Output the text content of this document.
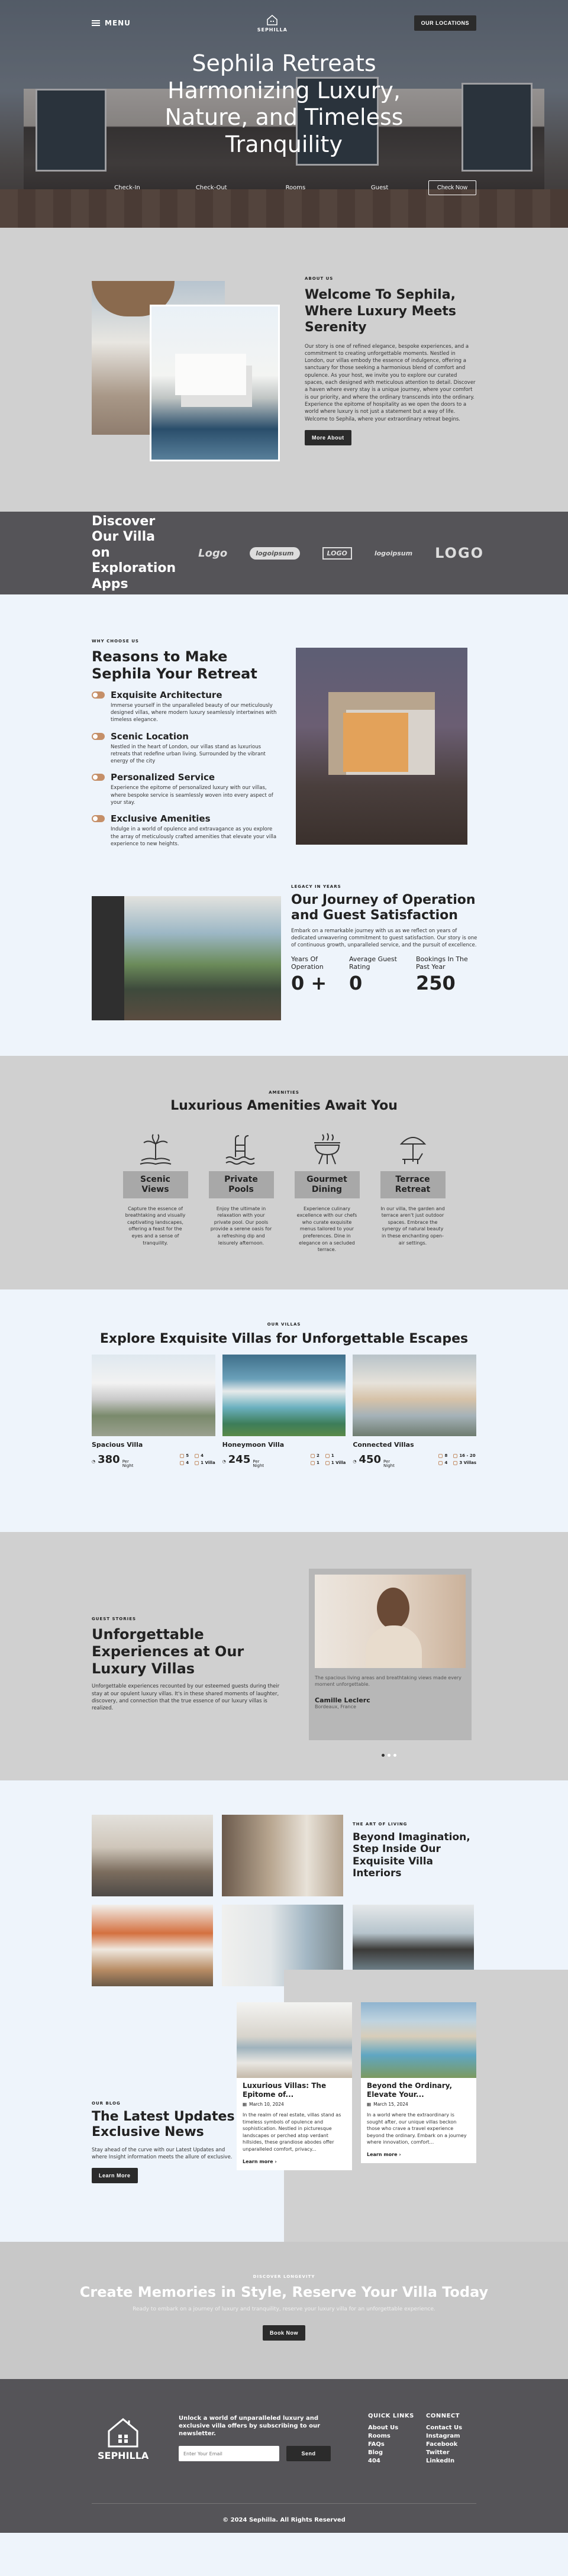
MENU
SEPHILLA
OUR LOCATIONS
Sephila Retreats Harmonizing Luxury, Nature, and Timeless Tranquility
Check-In	Check-Out	Rooms	Guest	Check Now
ABOUT US
Welcome To Sephila, Where Luxury Meets Serenity

Our story is one of refined elegance, bespoke experiences, and a commitment to creating unforgettable moments. Nestled in London, our villas embody the essence of indulgence, offering a sanctuary for those seeking a harmonious blend of comfort and opulence. As your host, we invite you to explore our curated spaces, each designed with meticulous attention to detail. Discover a haven where every stay is a unique journey, where your comfort is our priority, and where the ordinary transcends into the ordinary. Experience the epitome of hospitality as we open the doors to a world where luxury is not just a statement but a way of life. Welcome to Sephila, where your extraordinary retreat begins.

More About
Discover Our Villa on Exploration Apps
Logo	logoipsum	LOGO	logoipsum LOGO
WHY CHOOSE US
Reasons to Make Sephila Your Retreat
Exquisite Architecture

Immerse yourself in the unparalleled beauty of our meticulously designed villas, where modern luxury seamlessly intertwines with timeless elegance.

Scenic Location

Nestled in the heart of London, our villas stand as luxurious retreats that redefine urban living. Surrounded by the vibrant energy of the city

Personalized Service

Experience the epitome of personalized luxury with our villas, where bespoke service is seamlessly woven into every aspect of your stay.

Exclusive Amenities

Indulge in a world of opulence and extravagance as you explore the array of meticulously crafted amenities that elevate your villa experience to new heights.

LEGACY IN YEARS
Our Journey of Operation and Guest Satisfaction

Embark on a remarkable journey with us as we reflect on years of dedicated unwavering commitment to guest satisfaction. Our story is one of continuous growth, unparalleled service, and the pursuit of excellence.

Years Of Operation
0 +
Average Guest Rating
0
Bookings In The Past Year
250
AMENITIES
Luxurious Amenities Await You
Scenic Views

Capture the essence of breathtaking and visually captivating landscapes, offering a feast for the eyes and a sense of tranquility.

Private Pools

Enjoy the ultimate in relaxation with your private pool. Our pools provide a serene oasis for a refreshing dip and leisurely afternoon.

Gourmet Dining

Experience culinary excellence with our chefs who curate exquisite menus tailored to your preferences. Dine in elegance on a secluded terrace.

Terrace Retreat

In our villa, the garden and terrace aren't just outdoor spaces. Embrace the synergy of natural beauty in these enchanting open-air settings.

OUR VILLAS
Explore Exquisite Villas for Unforgettable Escapes
Spacious Villa
◔ 380 Per Night
5	4
4	1 Villa
Honeymoon Villa
◔ 245 Per Night
2	1
1	1 Villa
Connected Villas
◔ 450 Per Night
8	16 - 20
4	3 Villas
GUEST STORIES
Unforgettable Experiences at Our Luxury Villas

Unforgettable experiences recounted by our esteemed guests during their stay at our opulent luxury villas. It's in these shared moments of laughter, discovery, and connection that the true essence of our luxury villas is realized.

The spacious living areas and breathtaking views made every moment unforgettable.

Camille Leclerc
Bordeaux, France
THE ART OF LIVING
Beyond Imagination, Step Inside Our Exquisite Villa Interiors
OUR BLOG
The Latest Updates Exclusive News

Stay ahead of the curve with our Latest Updates and where Insight information meets the allure of exclusive.

Learn More
Luxurious Villas: The Epitome of...
▦ March 10, 2024

In the realm of real estate, villas stand as timeless symbols of opulence and sophistication. Nestled in picturesque landscapes or perched atop verdant hillsides, these grandiose abodes offer unparalleled comfort, privacy...

Learn more ›
Beyond the Ordinary, Elevate Your...
▦ March 15, 2024

In a world where the extraordinary is sought after, our unique villas beckon those who crave a travel experience beyond the ordinary. Embark on a journey where innovation, comfort...

Learn more ›
DISCOVER LONGEVITY
Create Memories in Style, Reserve Your Villa Today

Ready to embark on a journey of luxury and tranquility, reserve your luxury villa for an unforgettable experience.

Book Now
SEPHILLA

Unlock a world of unparalleled luxury and exclusive villa offers by subscribing to our newsletter.

Enter Your Email
Send
QUICK LINKS
About Us
Rooms
FAQs
Blog
404
CONNECT
Contact Us
Instagram
Facebook
Twitter
LinkedIn
© 2024 Sephilla. All Rights Reserved
